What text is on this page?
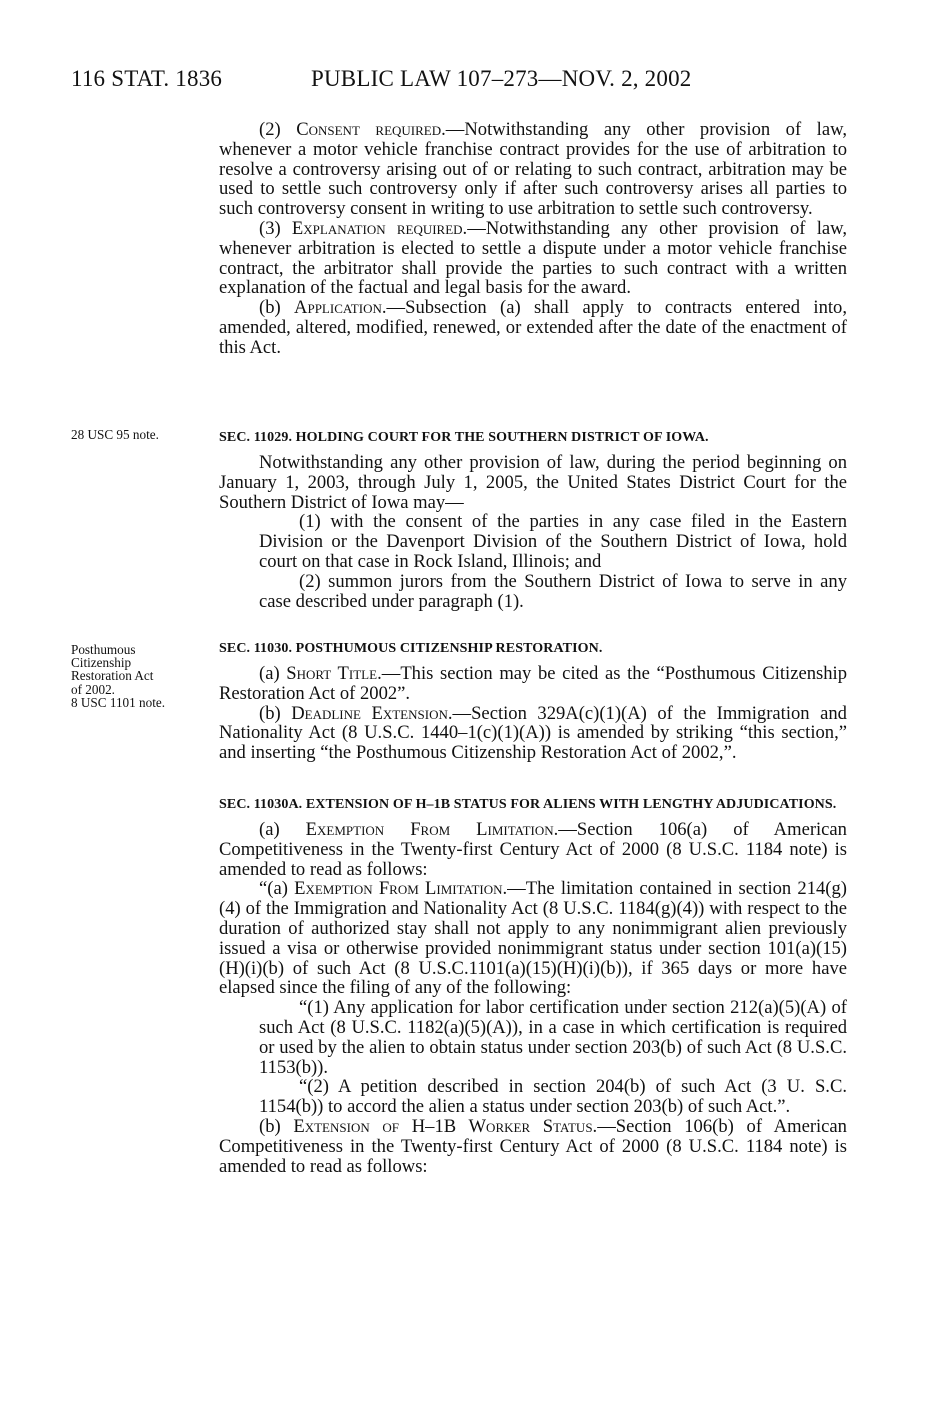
116 STAT. 1836	PUBLIC LAW 107–273—NOV. 2, 2002

(2) Consent required.—Notwithstanding any other provision of law, whenever a motor vehicle franchise contract provides for the use of arbitration to resolve a controversy arising out of or relating to such contract, arbitration may be used to settle such controversy only if after such controversy arises all parties to such controversy consent in writing to use arbitration to settle such controversy.

(3) Explanation required.—Notwithstanding any other provision of law, whenever arbitration is elected to settle a dispute under a motor vehicle franchise contract, the arbitrator shall provide the parties to such contract with a written explanation of the factual and legal basis for the award.

(b) Application.—Subsection (a) shall apply to contracts entered into, amended, altered, modified, renewed, or extended after the date of the enactment of this Act.

28 USC 95 note.
Posthumous
Citizenship
Restoration Act
of 2002.
8 USC 1101 note.

SEC. 11029. HOLDING COURT FOR THE SOUTHERN DISTRICT OF IOWA.

Notwithstanding any other provision of law, during the period beginning on January 1, 2003, through July 1, 2005, the United States District Court for the Southern District of Iowa may—

(1) with the consent of the parties in any case filed in the Eastern Division or the Davenport Division of the Southern District of Iowa, hold court on that case in Rock Island, Illinois; and

(2) summon jurors from the Southern District of Iowa to serve in any case described under paragraph (1).

SEC. 11030. POSTHUMOUS CITIZENSHIP RESTORATION.

(a) Short Title.—This section may be cited as the “Posthumous Citizenship Restoration Act of 2002”.

(b) Deadline Extension.—Section 329A(c)(1)(A) of the Immigration and Nationality Act (8 U.S.C. 1440–1(c)(1)(A)) is amended by striking “this section,” and inserting “the Posthumous Citizenship Restoration Act of 2002,”.

SEC. 11030A. EXTENSION OF H–1B STATUS FOR ALIENS WITH LENGTHY ADJUDICATIONS.

(a) Exemption From Limitation.—Section 106(a) of American Competitiveness in the Twenty-first Century Act of 2000 (8 U.S.C. 1184 note) is amended to read as follows:

“(a) Exemption From Limitation.—The limitation contained in section 214(g)(4) of the Immigration and Nationality Act (8 U.S.C. 1184(g)(4)) with respect to the duration of authorized stay shall not apply to any nonimmigrant alien previously issued a visa or otherwise provided nonimmigrant status under section 101(a)(15)(H)(i)(b) of such Act (8 U.S.C.1101(a)(15)(H)(i)(b)), if 365 days or more have elapsed since the filing of any of the following:

“(1) Any application for labor certification under section 212(a)(5)(A) of such Act (8 U.S.C. 1182(a)(5)(A)), in a case in which certification is required or used by the alien to obtain status under section 203(b) of such Act (8 U.S.C. 1153(b)).

“(2) A petition described in section 204(b) of such Act (3 U. S.C. 1154(b)) to accord the alien a status under section 203(b) of such Act.”.

(b) Extension of H–1B Worker Status.—Section 106(b) of American Competitiveness in the Twenty-first Century Act of 2000 (8 U.S.C. 1184 note) is amended to read as follows:
